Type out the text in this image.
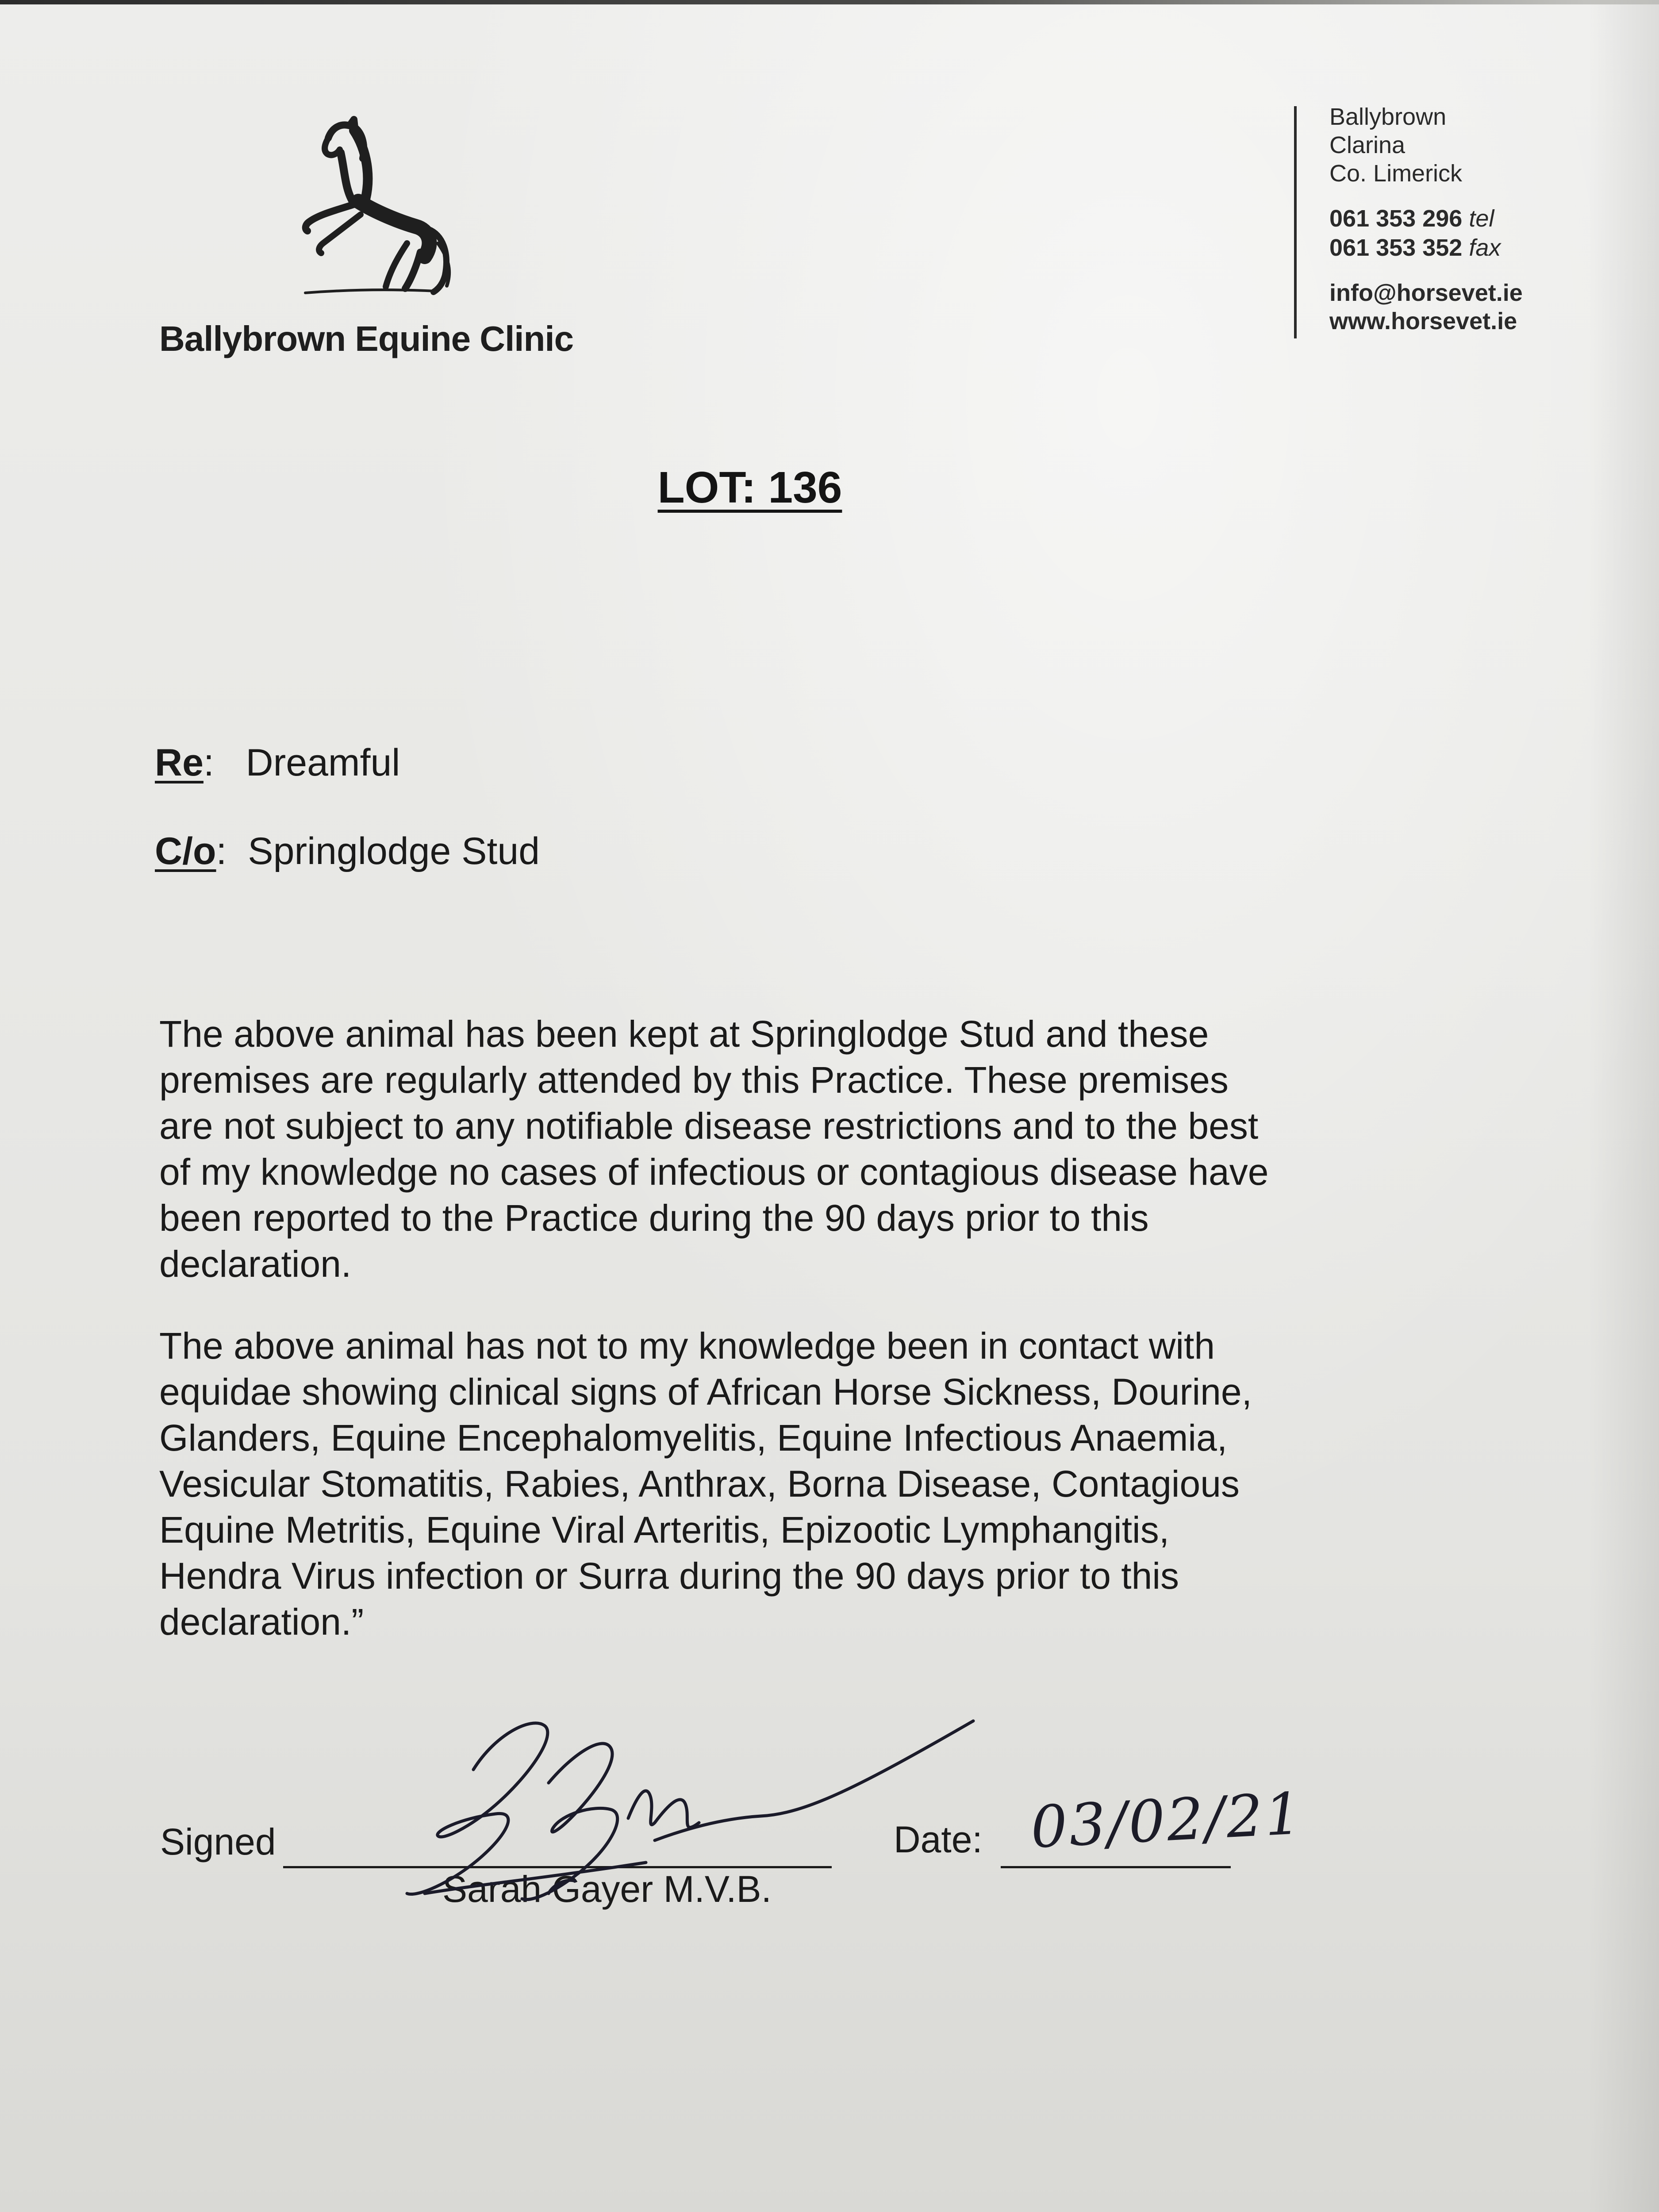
Ballybrown Equine Clinic
Ballybrown
Clarina
Co. Limerick
061 353 296 tel
061 353 352 fax
info@horsevet.ie
www.horsevet.ie
LOT: 136
Re: Dreamful
C/o: Springlodge Stud
The above animal has been kept at Springlodge Stud and these
premises are regularly attended by this Practice. These premises
are not subject to any notifiable disease restrictions and to the best
of my knowledge no cases of infectious or contagious disease have
been reported to the Practice during the 90 days prior to this
declaration.
The above animal has not to my knowledge been in contact with
equidae showing clinical signs of African Horse Sickness, Dourine,
Glanders, Equine Encephalomyelitis, Equine Infectious Anaemia,
Vesicular Stomatitis, Rabies, Anthrax, Borna Disease, Contagious
Equine Metritis, Equine Viral Arteritis, Epizootic Lymphangitis,
Hendra Virus infection or Surra during the 90 days prior to this
declaration.”
Signed
Sarah Gayer M.V.B.
Date: 03/02/21
